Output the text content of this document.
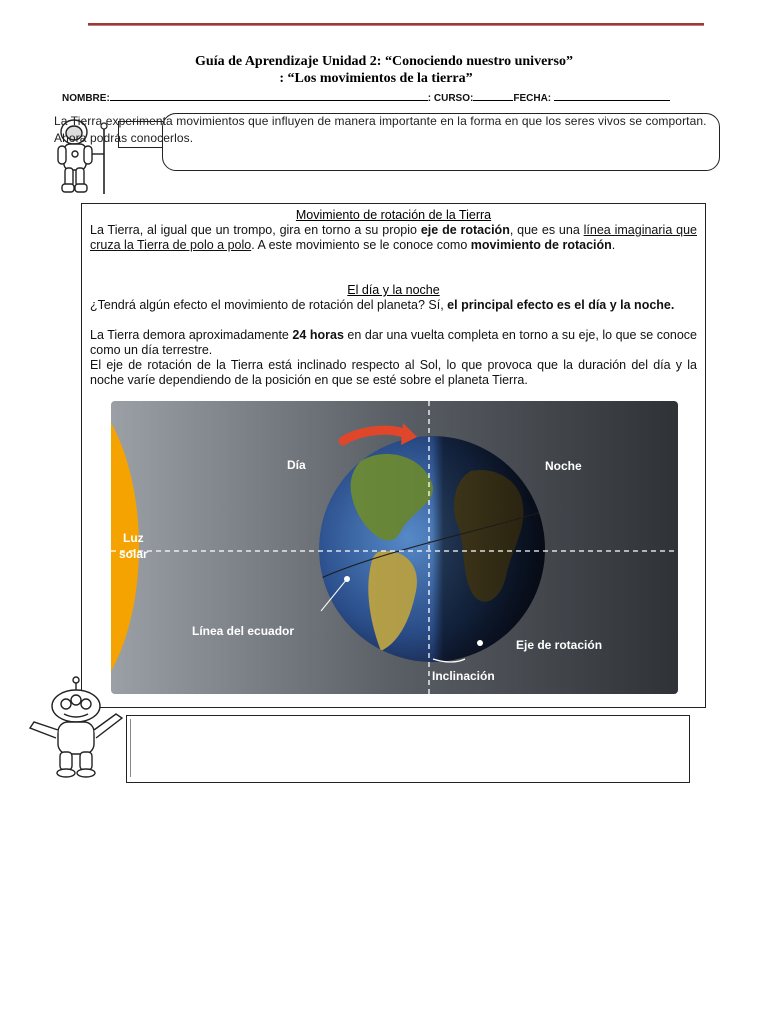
Guía de Aprendizaje Unidad 2: “Conociendo nuestro universo”
: “Los movimientos de la tierra”
NOMBRE:	: CURSO:	FECHA:
La Tierra experimenta movimientos que influyen de manera importante en la forma en que los seres vivos se comportan. Ahora podrás conocerlos.
Movimiento de rotación de la Tierra
La Tierra, al igual que un trompo, gira en torno a su propio eje de rotación, que es una línea imaginaria que cruza la Tierra de polo a polo. A este movimiento se le conoce como movimiento de rotación.
El día y la noche
¿Tendrá algún efecto el movimiento de rotación del planeta? Sí, el principal efecto es el día y la noche.
La Tierra demora aproximadamente 24 horas en dar una vuelta completa en torno a su eje, lo que se conoce como un día terrestre.
El eje de rotación de la Tierra está inclinado respecto al Sol, lo que provoca que la duración del día y la noche varíe dependiendo de la posición en que se esté sobre el planeta Tierra.
Día	Noche
Luz
solar
Línea del ecuador
Eje de rotación
Inclinación
